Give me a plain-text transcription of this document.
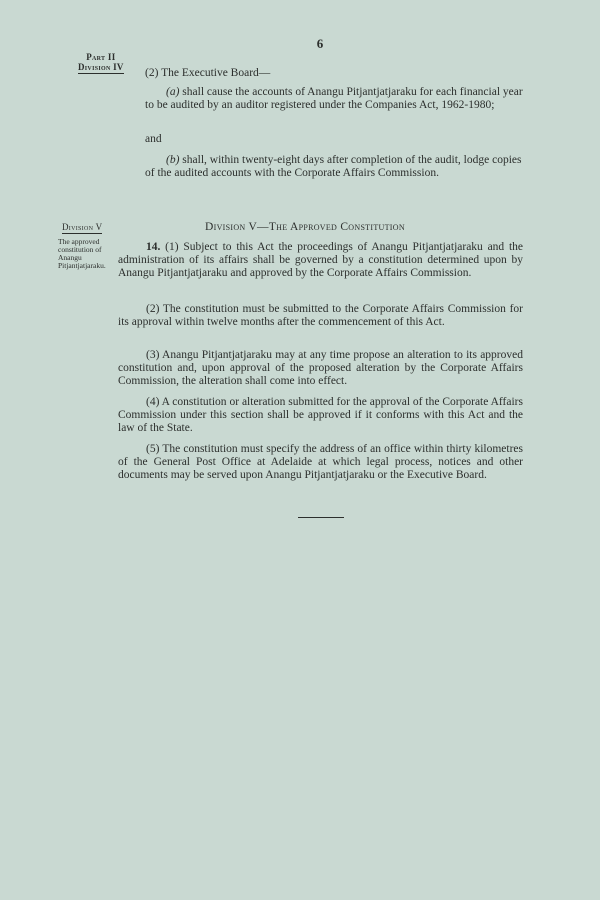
6
Part II
Division IV (2) The Executive Board—
(a) shall cause the accounts of Anangu Pitjantjatjaraku for each financial year to be audited by an auditor registered under the Companies Act, 1962-1980;
and
(b) shall, within twenty-eight days after completion of the audit, lodge copies of the audited accounts with the Corporate Affairs Commission.
Division V	Division V—The Approved Constitution
The approved constitution of Anangu Pitjantjatjaraku.
14. (1) Subject to this Act the proceedings of Anangu Pitjantjatjaraku and the administration of its affairs shall be governed by a constitution determined upon by Anangu Pitjantjatjaraku and approved by the Corporate Affairs Commission.

(2) The constitution must be submitted to the Corporate Affairs Commission for its approval within twelve months after the commencement of this Act.

(3) Anangu Pitjantjatjaraku may at any time propose an alteration to its approved constitution and, upon approval of the proposed alteration by the Corporate Affairs Commission, the alteration shall come into effect.

(4) A constitution or alteration submitted for the approval of the Corporate Affairs Commission under this section shall be approved if it conforms with this Act and the law of the State.

(5) The constitution must specify the address of an office within thirty kilometres of the General Post Office at Adelaide at which legal process, notices and other documents may be served upon Anangu Pitjantjatjaraku or the Executive Board.
